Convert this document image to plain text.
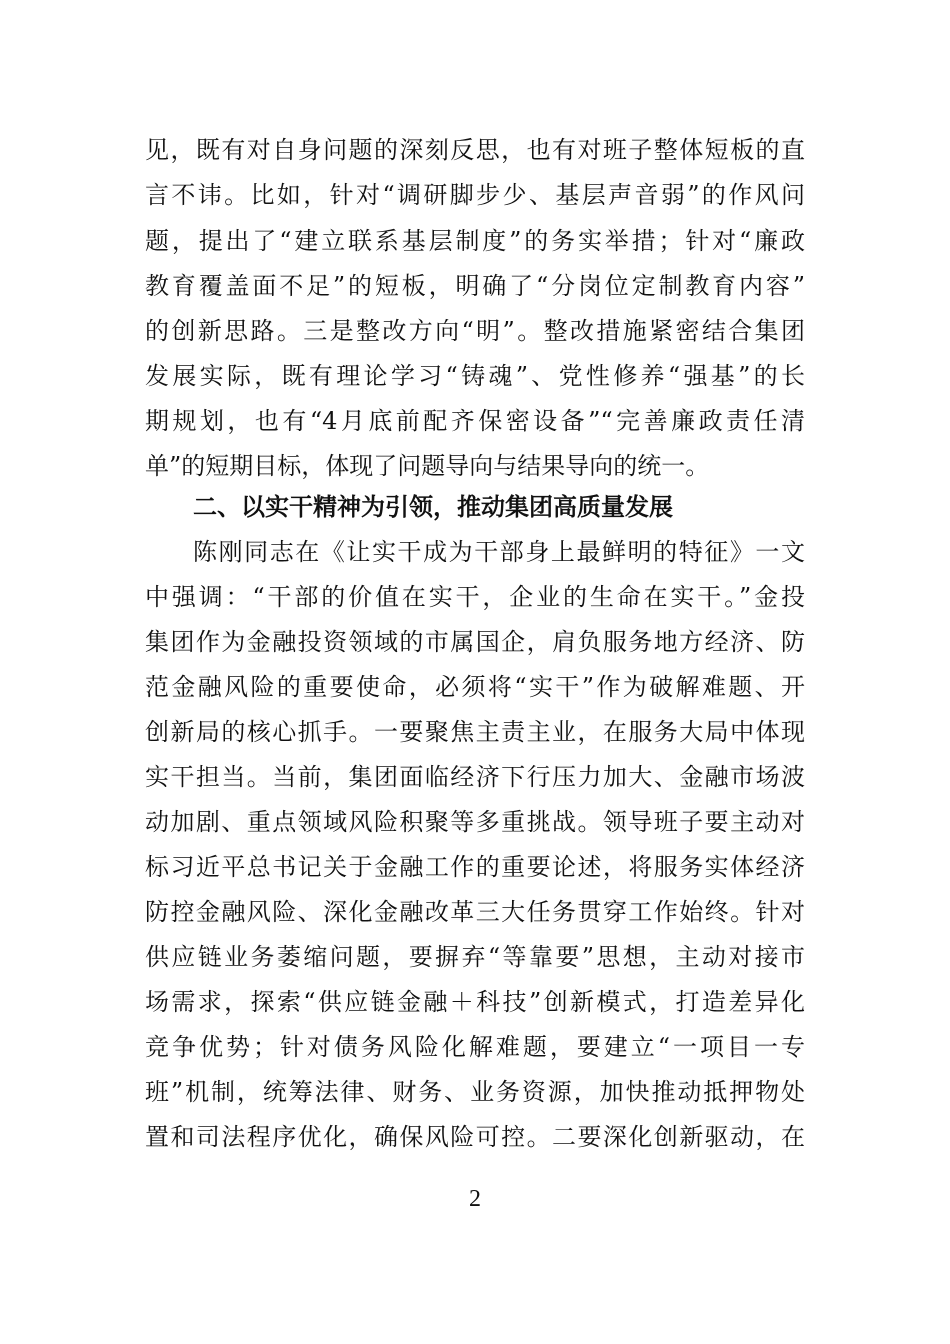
见，既有对自身问题的深刻反思，也有对班子整体短板的直
言不讳。比如，针对“调研脚步少、基层声音弱”的作风问
题，提出了“建立联系基层制度”的务实举措；针对“廉政
教育覆盖面不足”的短板，明确了“分岗位定制教育内容”
的创新思路。三是整改方向“明”。整改措施紧密结合集团
发展实际，既有理论学习“铸魂”、党性修养“强基”的长
期规划，也有“4月底前配齐保密设备”“完善廉政责任清
单”的短期目标，体现了问题导向与结果导向的统一。
二、以实干精神为引领，推动集团高质量发展
陈刚同志在《让实干成为干部身上最鲜明的特征》一文
中强调：“干部的价值在实干，企业的生命在实干。”金投
集团作为金融投资领域的市属国企，肩负服务地方经济、防
范金融风险的重要使命，必须将“实干”作为破解难题、开
创新局的核心抓手。一要聚焦主责主业，在服务大局中体现
实干担当。当前，集团面临经济下行压力加大、金融市场波
动加剧、重点领域风险积聚等多重挑战。领导班子要主动对
标习近平总书记关于金融工作的重要论述，将服务实体经济
防控金融风险、深化金融改革三大任务贯穿工作始终。针对
供应链业务萎缩问题，要摒弃“等靠要”思想，主动对接市
场需求，探索“供应链金融＋科技”创新模式，打造差异化
竞争优势；针对债务风险化解难题，要建立“一项目一专
班”机制，统筹法律、财务、业务资源，加快推动抵押物处
置和司法程序优化，确保风险可控。二要深化创新驱动，在
2
